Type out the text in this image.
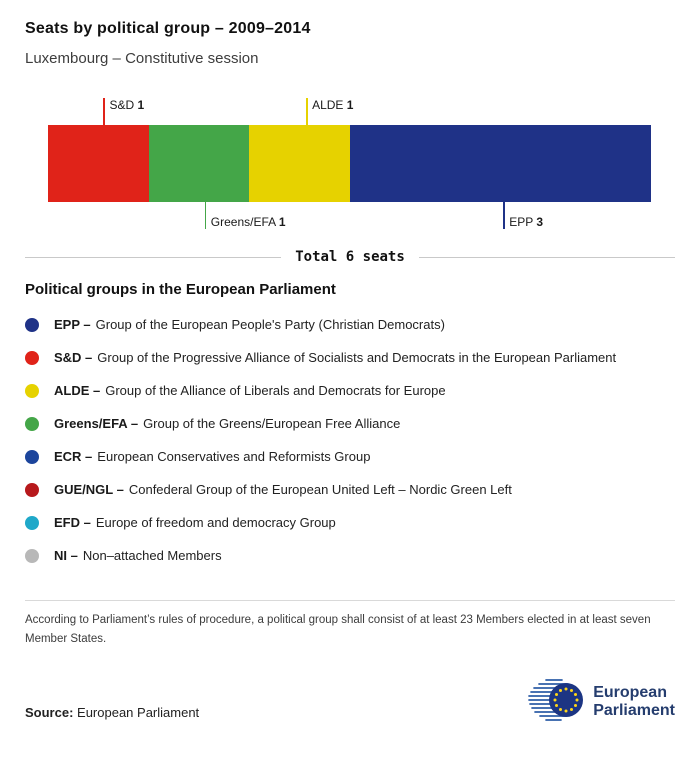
Seats by political group – 2009–2014
Luxembourg – Constitutive session
S&D 1
Greens/EFA 1
ALDE 1
EPP 3
Total 6 seats
Political groups in the European Parliament
EPP – Group of the European People's Party (Christian Democrats)
S&D – Group of the Progressive Alliance of Socialists and Democrats in the European Parliament
ALDE – Group of the Alliance of Liberals and Democrats for Europe
Greens/EFA – Group of the Greens/European Free Alliance
ECR – European Conservatives and Reformists Group
GUE/NGL – Confederal Group of the European United Left – Nordic Green Left
EFD – Europe of freedom and democracy Group
NI – Non–attached Members
According to Parliament’s rules of procedure, a political group shall consist of at least 23 Members elected in at least seven Member States.
Source: European Parliament
European
Parliament
